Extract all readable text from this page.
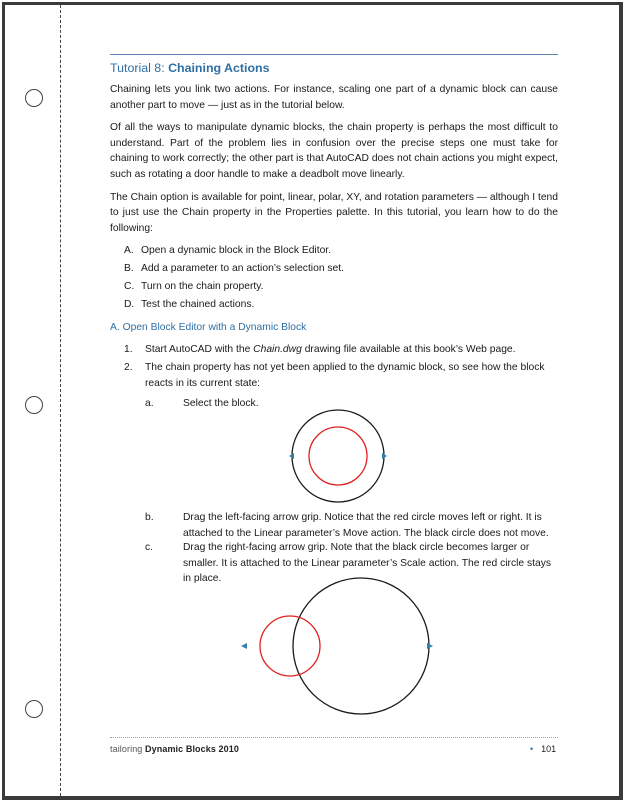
Tutorial 8: Chaining Actions

Chaining lets you link two actions. For instance, scaling one part of a dynamic block can cause another part to move — just as in the tutorial below.

Of all the ways to manipulate dynamic blocks, the chain property is perhaps the most difficult to understand. Part of the problem lies in confusion over the precise steps one must take for chaining to work correctly; the other part is that AutoCAD does not chain actions you might expect, such as rotating a door handle to make a deadbolt move linearly.

The Chain option is available for point, linear, polar, XY, and rotation parameters — although I tend to just use the Chain property in the Properties palette. In this tutorial, you learn how to do the following:

A. Open a dynamic block in the Block Editor.
B. Add a parameter to an action’s selection set.
C. Turn on the chain property.
D. Test the chained actions.
A. Open Block Editor with a Dynamic Block
1.	Start AutoCAD with the Chain.dwg drawing file available at this book’s Web page.
2.	The chain property has not yet been applied to the dynamic block, so see how the block reacts in its current state:
a.	Select the block.
b.	Drag the left-facing arrow grip. Notice that the red circle moves left or right. It is attached to the Linear parameter’s Move action. The black circle does not move.
c.	Drag the right-facing arrow grip. Note that the black circle becomes larger or smaller. It is attached to the Linear parameter’s Scale action. The red circle stays in place.
tailoring Dynamic Blocks 2010	• 101
